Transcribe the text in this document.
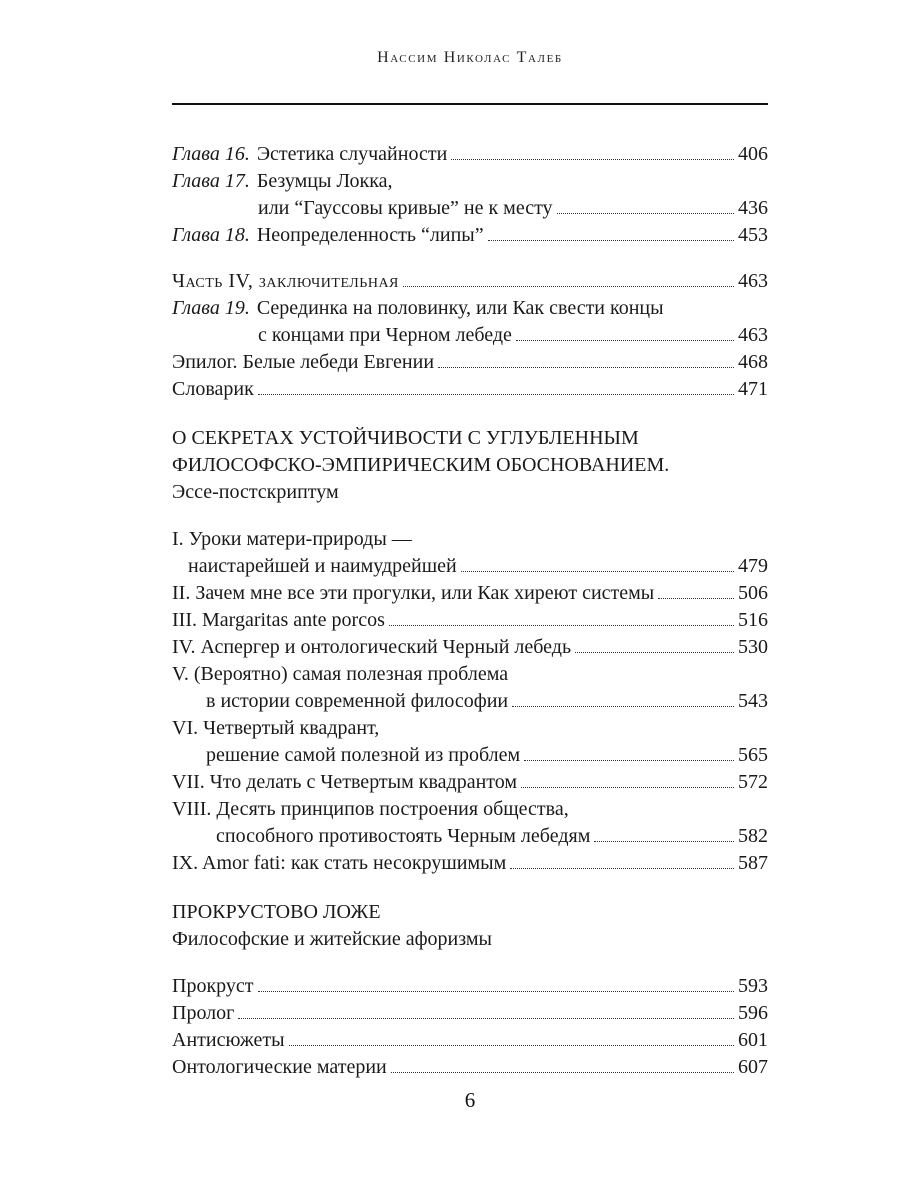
Нассим Николас Талеб
Глава 16. Эстетика случайности	406
Глава 17. Безумцы Локка,
или “Гауссовы кривые” не к месту	436
Глава 18. Неопределенность “липы”	453
Часть IV, заключительная	463
Глава 19. Серединка на половинку, или Как свести концы
с концами при Черном лебеде	463
Эпилог. Белые лебеди Евгении	468
Словарик	471
О СЕКРЕТАХ УСТОЙЧИВОСТИ С УГЛУБЛЕННЫМ
ФИЛОСОФСКО-ЭМПИРИЧЕСКИМ ОБОСНОВАНИЕМ.
Эссе-постскриптум
I. Уроки матери-природы —
наистарейшей и наимудрейшей	479
II. Зачем мне все эти прогулки, или Как хиреют системы	506
III. Margaritas ante porcos	516
IV. Аспергер и онтологический Черный лебедь	530
V. (Вероятно) самая полезная проблема
в истории современной философии	543
VI. Четвертый квадрант,
решение самой полезной из проблем	565
VII. Что делать с Четвертым квадрантом	572
VIII. Десять принципов построения общества,
способного противостоять Черным лебедям	582
IX. Amor fati: как стать несокрушимым	587
ПРОКРУСТОВО ЛОЖЕ
Философские и житейские афоризмы
Прокруст	593
Пролог	596
Антисюжеты	601
Онтологические материи	607
6
